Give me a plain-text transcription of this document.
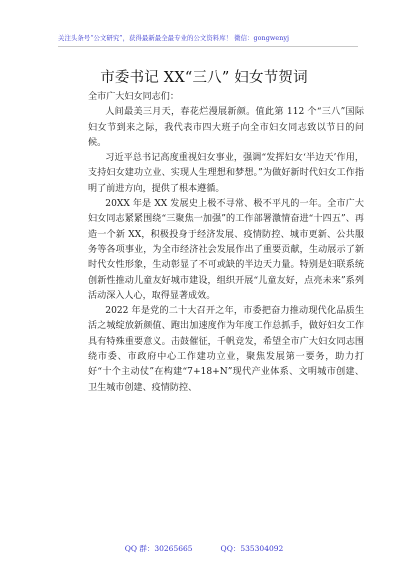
关注头条号“公文研究”，获得最新最全最专业的公文资料库！ 微信：gongwenyj
市委书记 XX“三八” 妇女节贺词

全市广大妇女同志们：

人间最美三月天，春花烂漫展新颜。值此第 112 个“三八”国际妇女节到来之际，我代表市四大班子向全市妇女同志致以节日的问候。

习近平总书记高度重视妇女事业，强调“发挥妇女‘半边天’作用，支持妇女建功立业、实现人生理想和梦想。”为做好新时代妇女工作指明了前进方向，提供了根本遵循。

20XX 年是 XX 发展史上极不寻常、极不平凡的一年。全市广大妇女同志紧紧围绕“三聚焦一加强”的工作部署激情奋进“十四五”、再造一个新 XX，积极投身于经济发展、疫情防控、城市更新、公共服务等各项事业，为全市经济社会发展作出了重要贡献，生动展示了新时代女性形象，生动彰显了不可或缺的半边天力量。特别是妇联系统创新性推动儿童友好城市建设，组织开展“儿童友好，点亮未来”系列活动深入人心，取得显著成效。

2022 年是党的二十大召开之年，市委把奋力推动现代化品质生活之城绽放新颜值、跑出加速度作为年度工作总抓手，做好妇女工作具有特殊重要意义。击鼓催征，千帆竞发，希望全市广大妇女同志围绕市委、市政府中心工作建功立业，聚焦发展第一要务，助力打好“十个主动仗”在构建“7+18+N”现代产业体系、文明城市创建、卫生城市创建、疫情防控、

QQ 群：30265665	QQ：535304092
